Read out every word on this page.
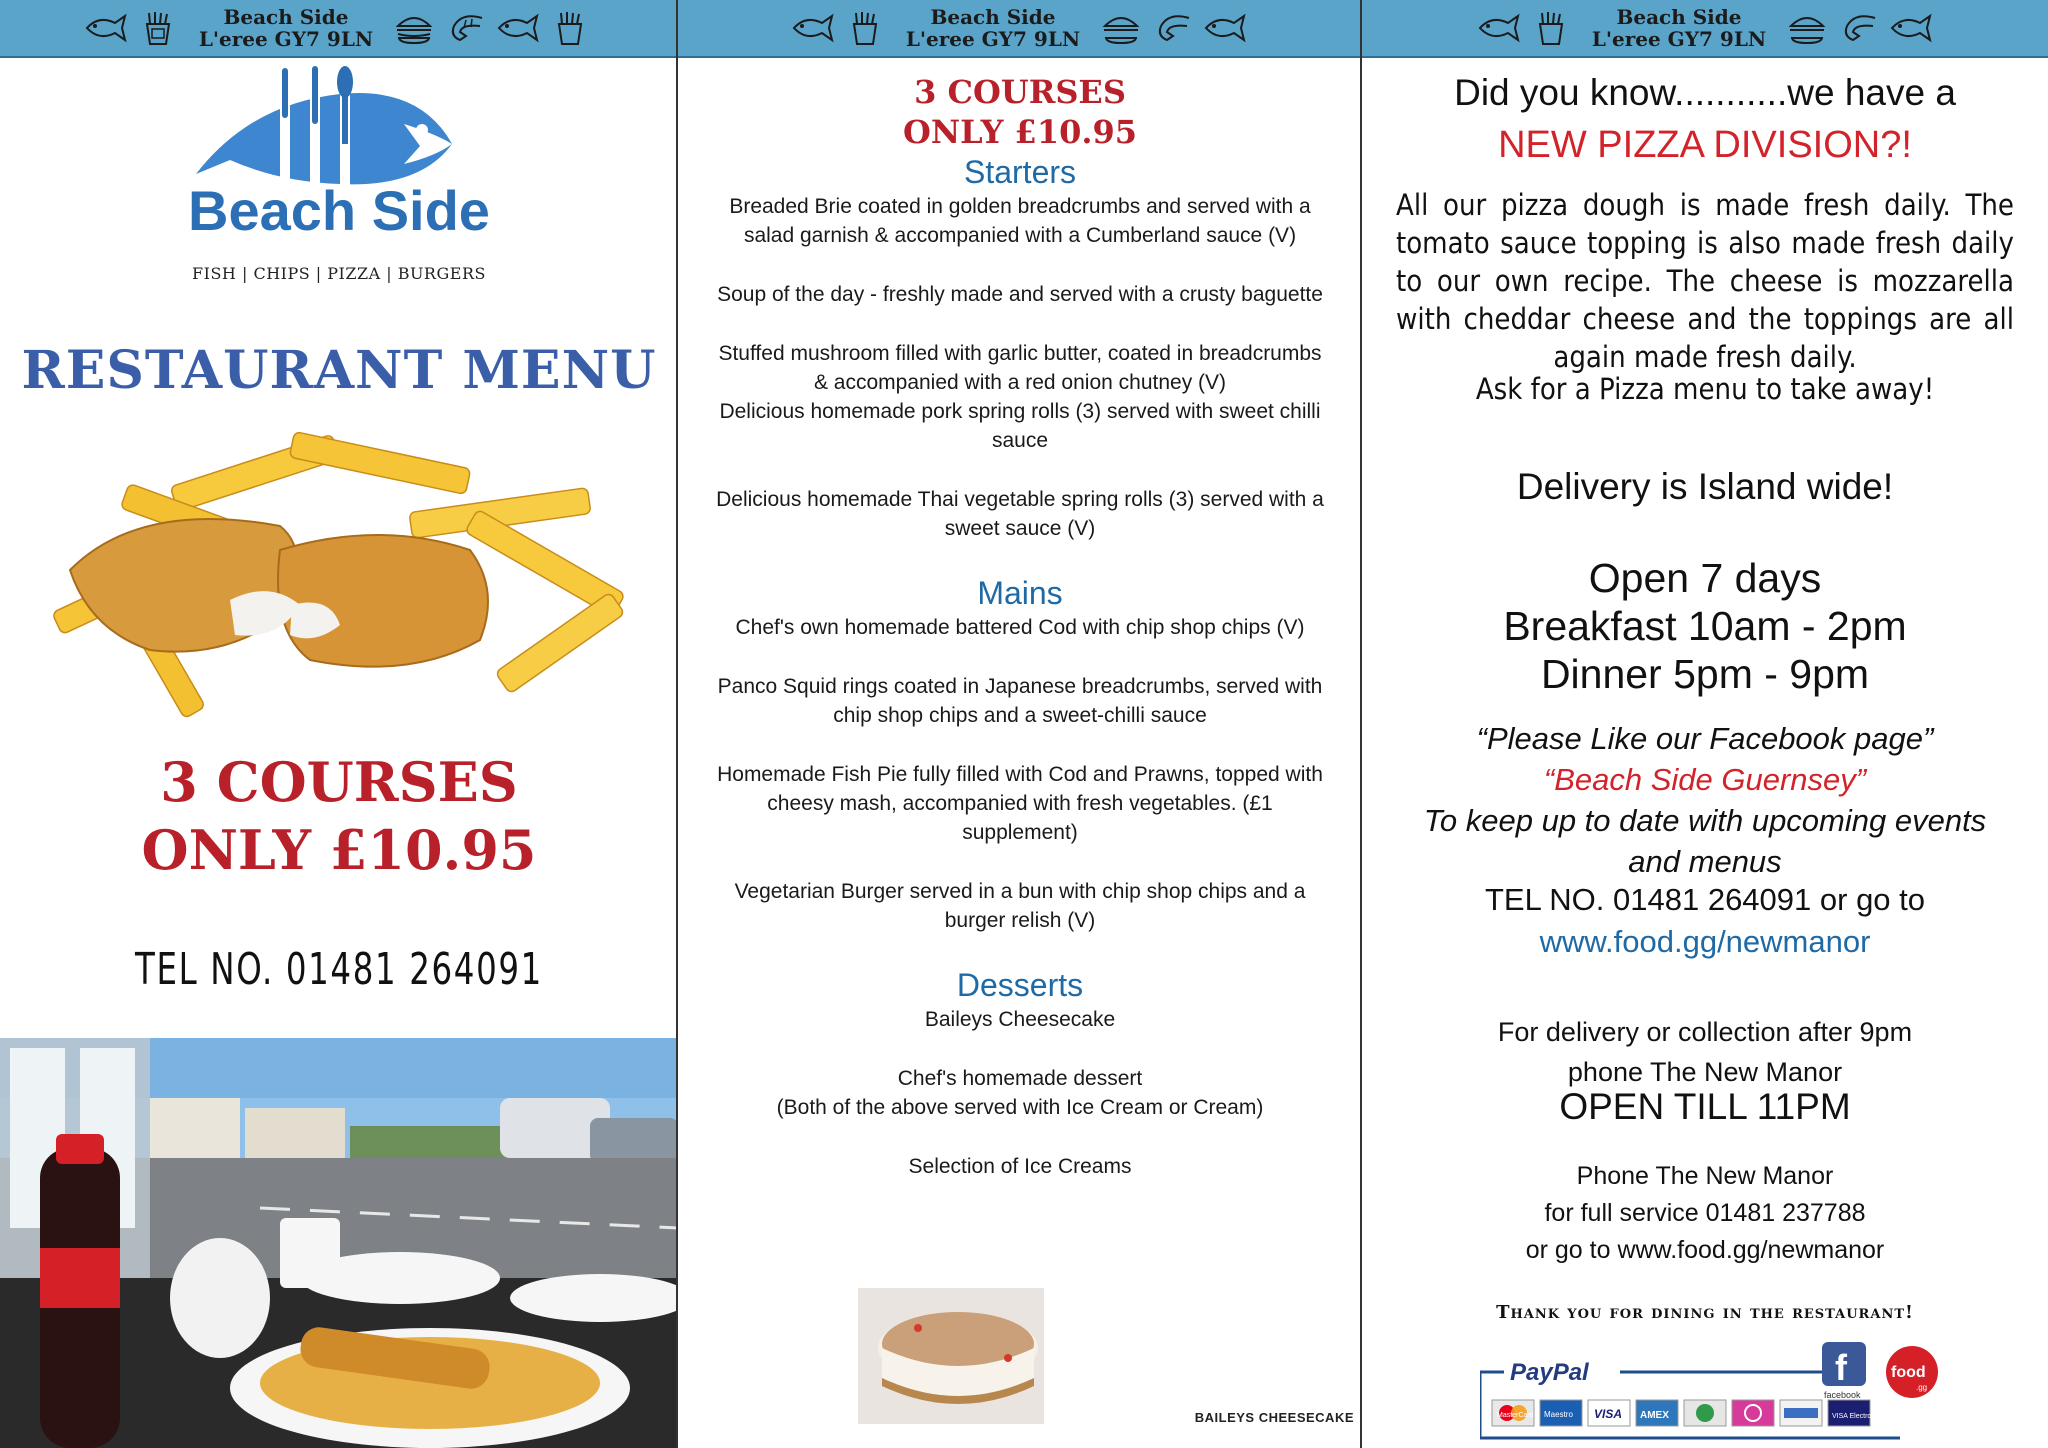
Beach Side
L'eree GY7 9LN
Beach Side
FISH | CHIPS | PIZZA | BURGERS
RESTAURANT MENU
3 COURSES
ONLY £10.95
TEL NO. 01481 264091
Beach Side
L'eree GY7 9LN
3 COURSES
ONLY £10.95
Starters
Breaded Brie coated in golden breadcrumbs and served with a salad garnish & accompanied with a Cumberland sauce (V)
Soup of the day - freshly made and served with a crusty baguette
Stuffed mushroom filled with garlic butter, coated in breadcrumbs & accompanied with a red onion chutney (V)
Delicious homemade pork spring rolls (3) served with sweet chilli sauce
Delicious homemade Thai vegetable spring rolls (3) served with a sweet sauce (V)
Mains
Chef's own homemade battered Cod with chip shop chips (V)
Panco Squid rings coated in Japanese breadcrumbs, served with chip shop chips and a sweet-chilli sauce
Homemade Fish Pie fully filled with Cod and Prawns, topped with cheesy mash, accompanied with fresh vegetables. (£1 supplement)
Vegetarian Burger served in a bun with chip shop chips and a burger relish (V)
Desserts
Baileys Cheesecake
Chef's homemade dessert
(Both of the above served with Ice Cream or Cream)
Selection of Ice Creams
BAILEYS CHEESECAKE
Beach Side
L'eree GY7 9LN
Did you know...........we have a
NEW PIZZA DIVISION?!
All our pizza dough is made fresh daily. The tomato sauce topping is also made fresh daily to our own recipe. The cheese is mozzarella with cheddar cheese and the toppings are all again made fresh daily.
Ask for a Pizza menu to take away!
Delivery is Island wide!
Open 7 days
Breakfast 10am - 2pm
Dinner 5pm - 9pm
“Please Like our Facebook page”
“Beach Side Guernsey”
To keep up to date with upcoming events
and menus
TEL NO. 01481 264091 or go to
www.food.gg/newmanor
For delivery or collection after 9pm
phone The New Manor
OPEN TILL 11PM
Phone The New Manor
for full service 01481 237788
or go to www.food.gg/newmanor
Thank you for dining in the restaurant!
PayPal	f
facebook
food
.gg
MasterCard Maestro VISA AMEX	VISA Electron
